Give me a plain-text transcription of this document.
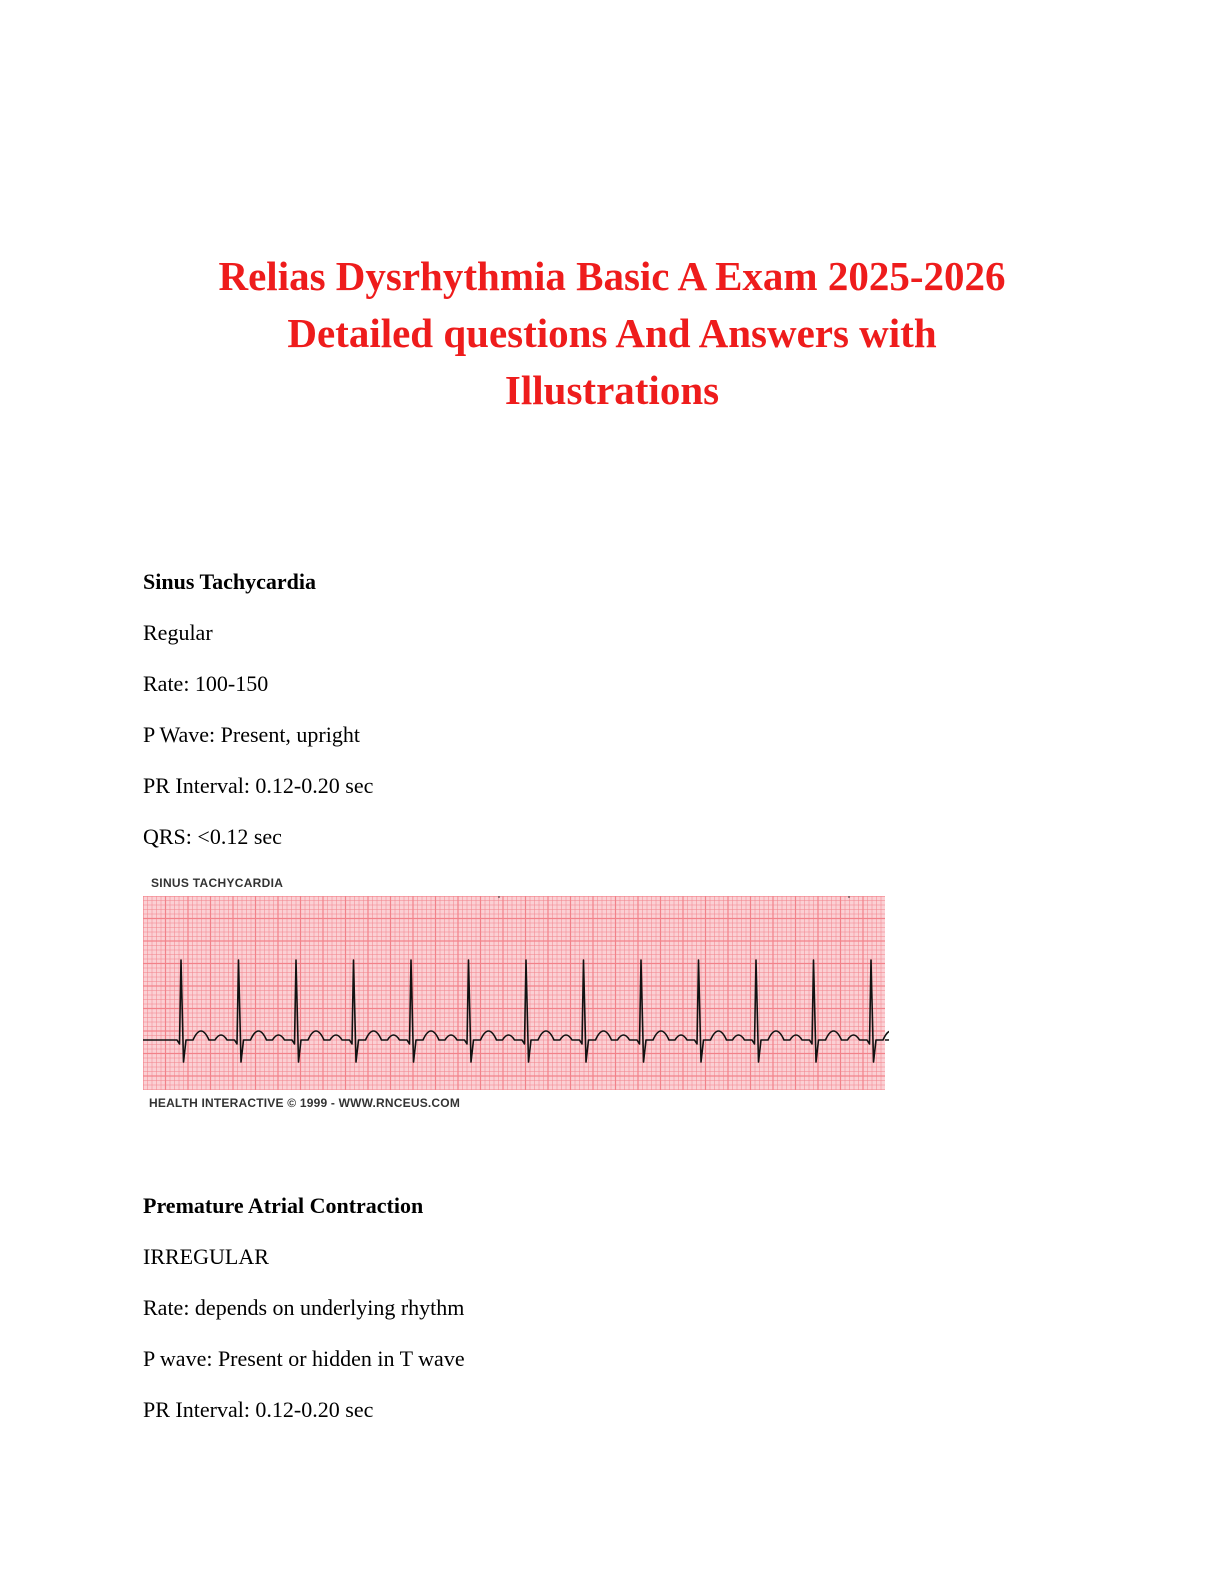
Relias Dysrhythmia Basic A Exam 2025-2026
Detailed questions And Answers with
Illustrations
Sinus Tachycardia
Regular
Rate: 100-150
P Wave: Present, upright
PR Interval: 0.12-0.20 sec
QRS: <0.12 sec
SINUS TACHYCARDIA
HEALTH INTERACTIVE © 1999 - WWW.RNCEUS.COM
Premature Atrial Contraction
IRREGULAR
Rate: depends on underlying rhythm
P wave: Present or hidden in T wave
PR Interval: 0.12-0.20 sec
